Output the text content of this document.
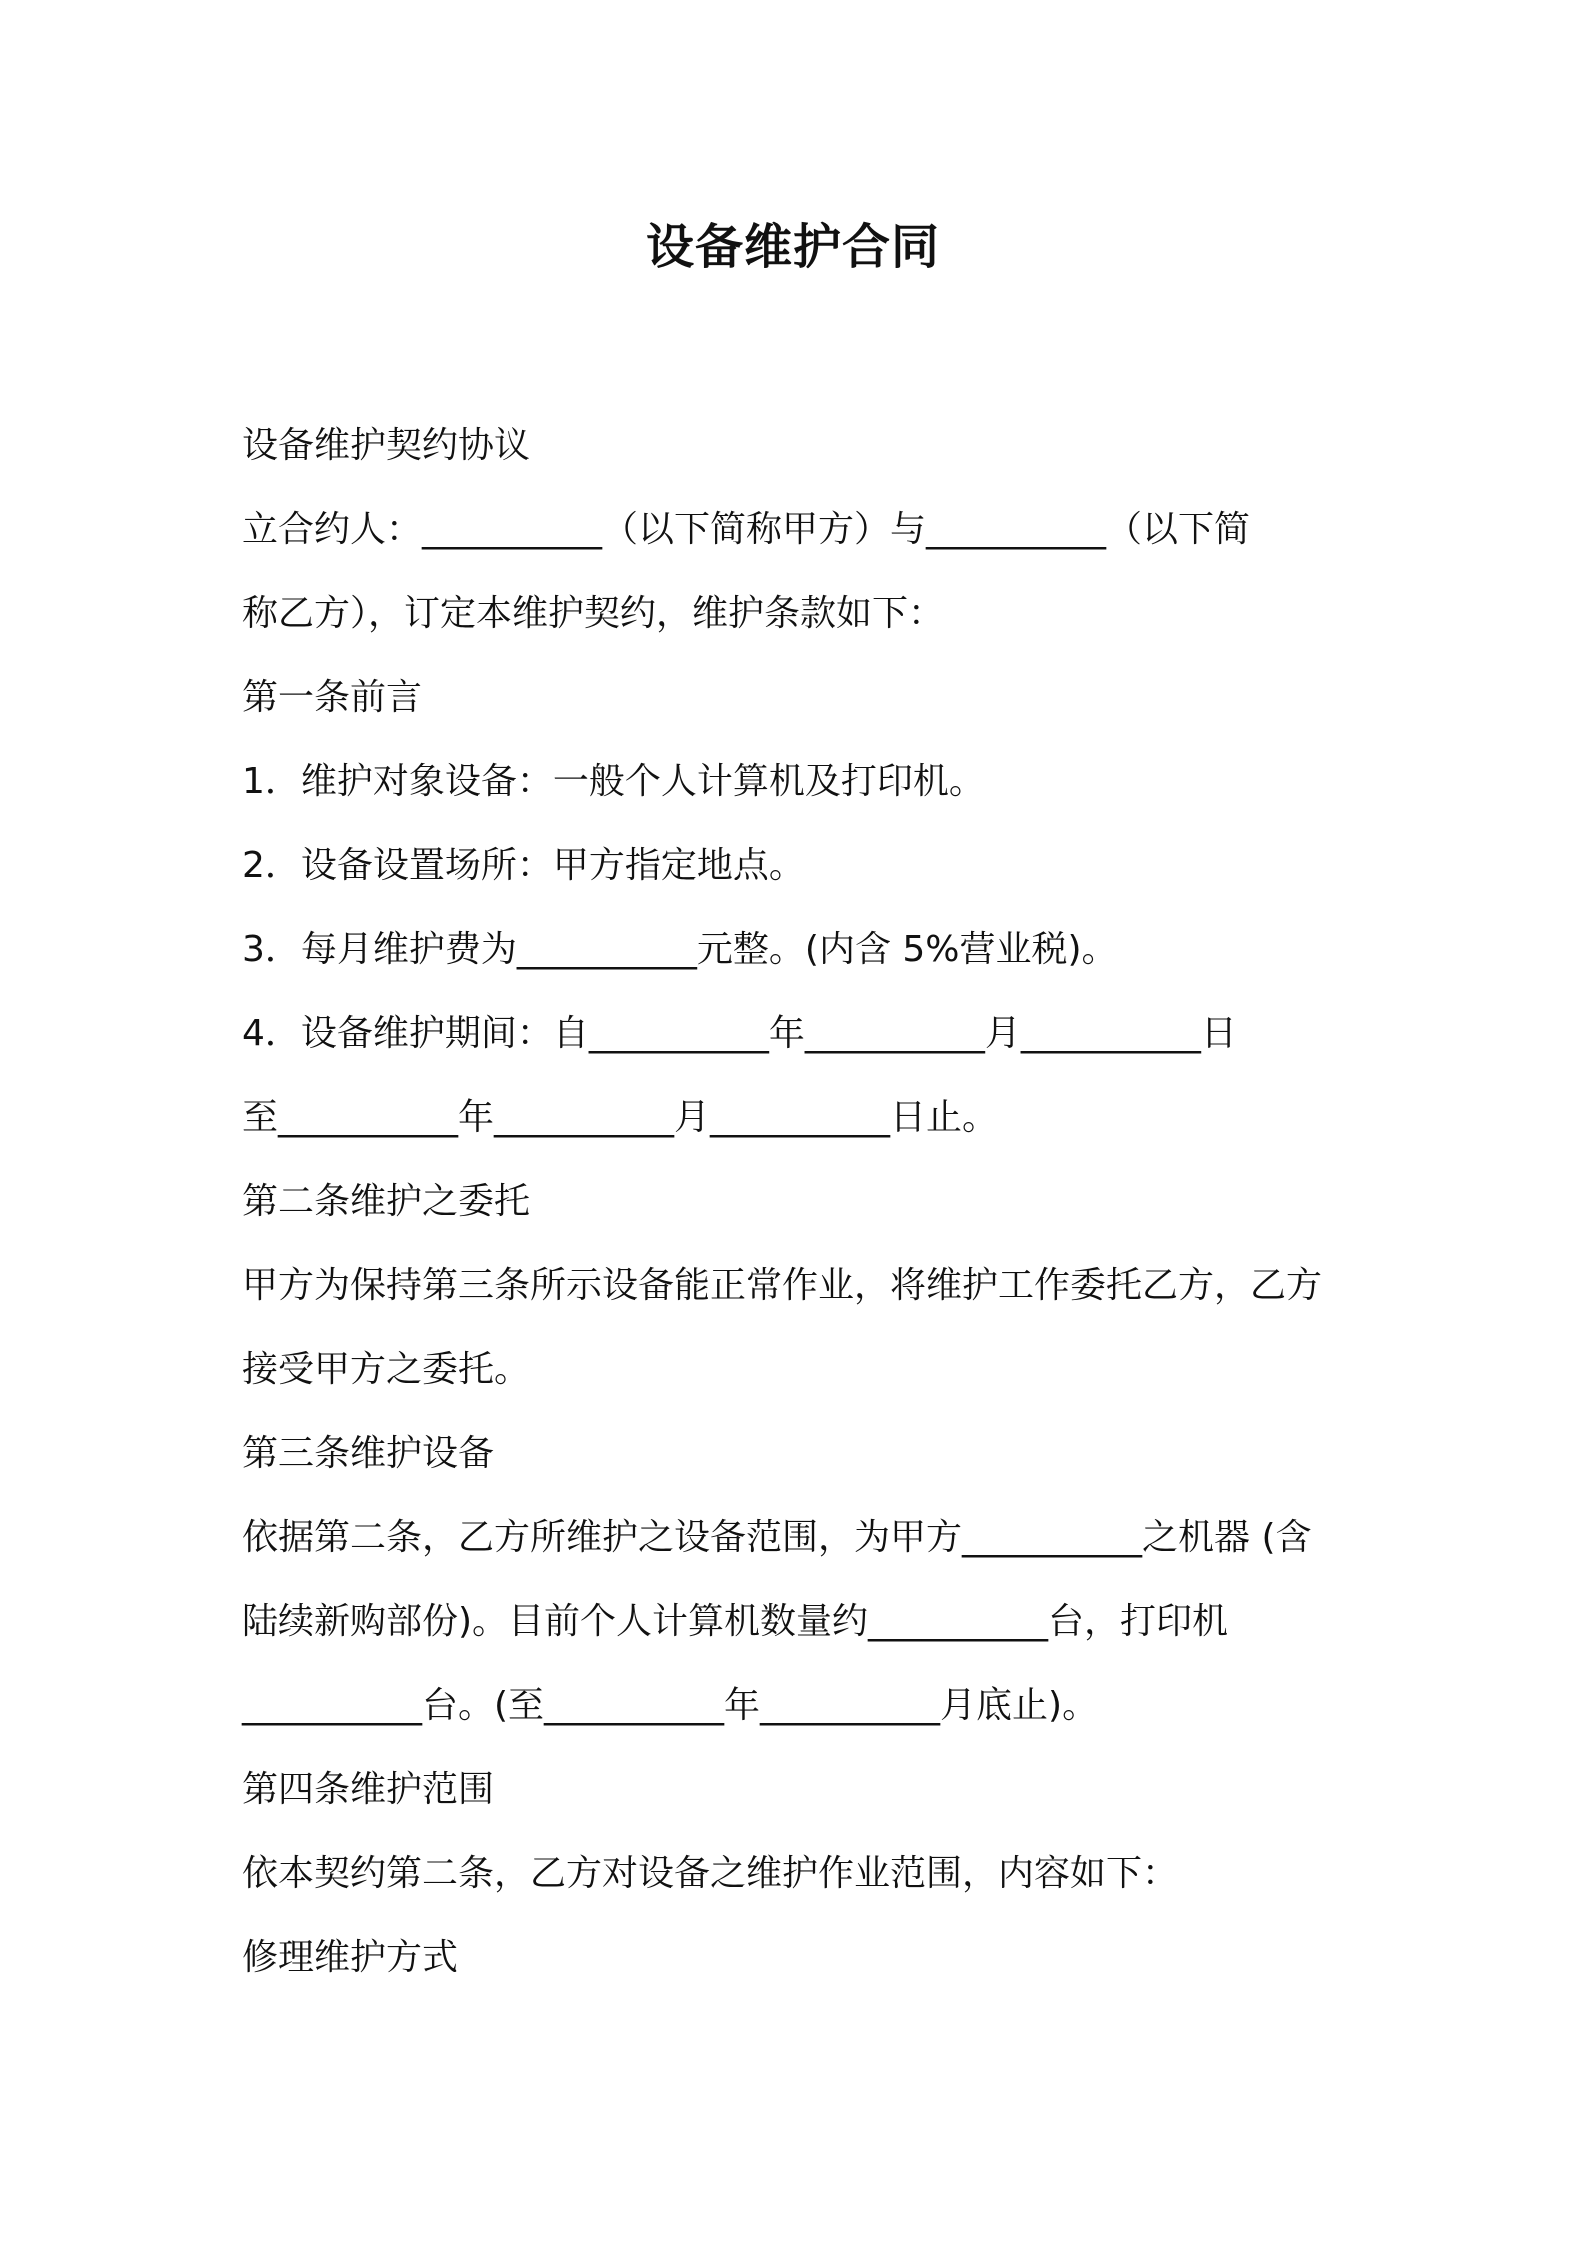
设备维护合同

设备维护契约协议

立合约人：__________（以下简称甲方）与__________（以下简

称乙方），订定本维护契约，维护条款如下：

第一条前言

1．维护对象设备：一般个人计算机及打印机。

2．设备设置场所：甲方指定地点。

3．每月维护费为__________元整。(内含 5%营业税)。

4．设备维护期间：自__________年__________月__________日

至__________年__________月__________日止。

第二条维护之委托

甲方为保持第三条所示设备能正常作业，将维护工作委托乙方，乙方

接受甲方之委托。

第三条维护设备

依据第二条，乙方所维护之设备范围，为甲方__________之机器 (含

陆续新购部份)。目前个人计算机数量约__________台，打印机

__________台。(至__________年__________月底止)。

第四条维护范围

依本契约第二条，乙方对设备之维护作业范围，内容如下：

修理维护方式
